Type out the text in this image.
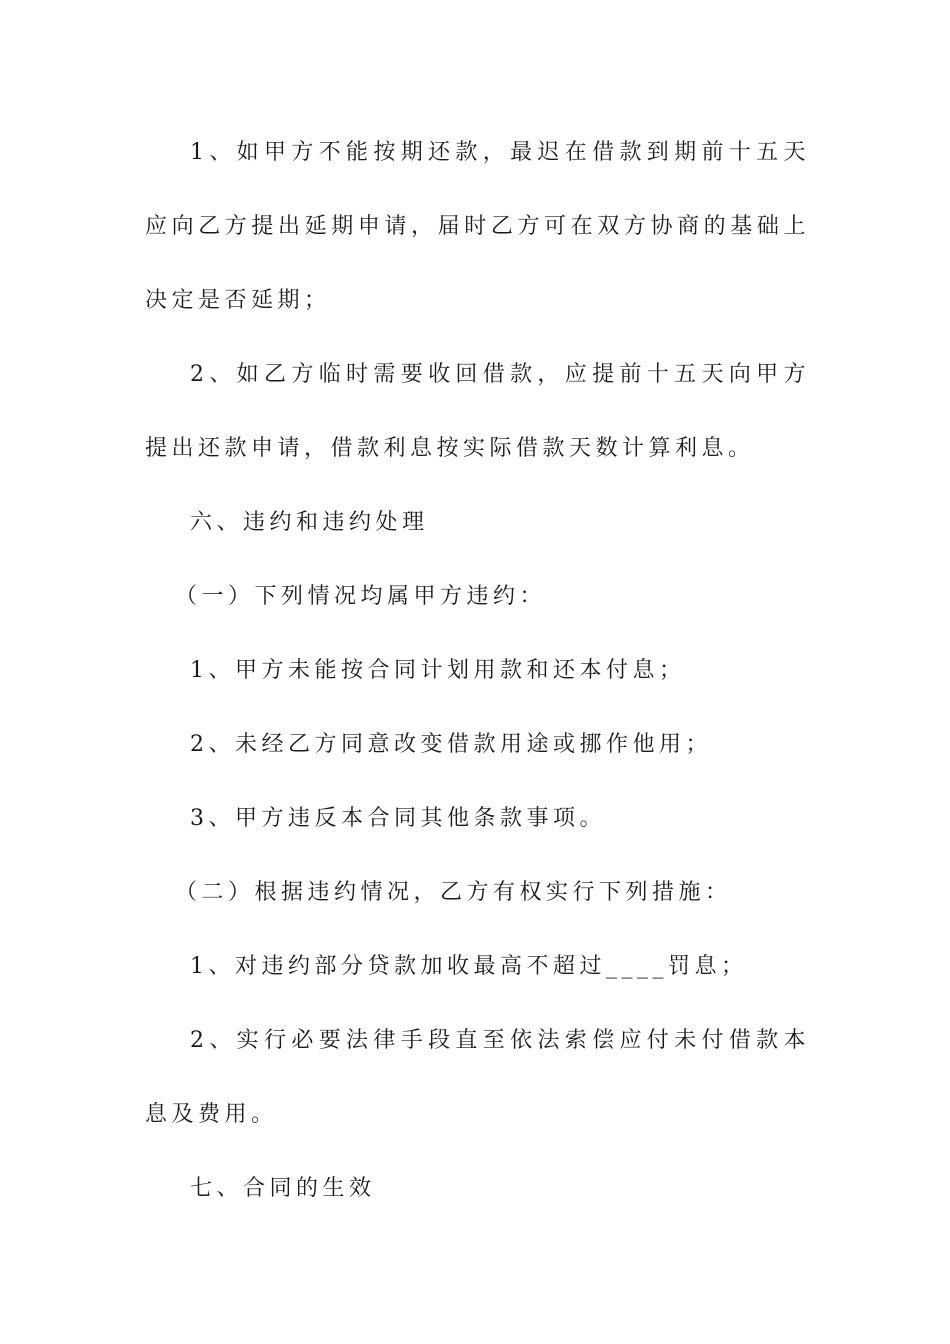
1、如甲方不能按期还款，最迟在借款到期前十五天应向乙方提出延期申请，届时乙方可在双方协商的基础上决定是否延期；

2、如乙方临时需要收回借款，应提前十五天向甲方提出还款申请，借款利息按实际借款天数计算利息。

六、违约和违约处理

（一）下列情况均属甲方违约：

1、甲方未能按合同计划用款和还本付息；

2、未经乙方同意改变借款用途或挪作他用；

3、甲方违反本合同其他条款事项。

（二）根据违约情况，乙方有权实行下列措施：

1、对违约部分贷款加收最高不超过____罚息；

2、实行必要法律手段直至依法索偿应付未付借款本息及费用。

七、合同的生效
